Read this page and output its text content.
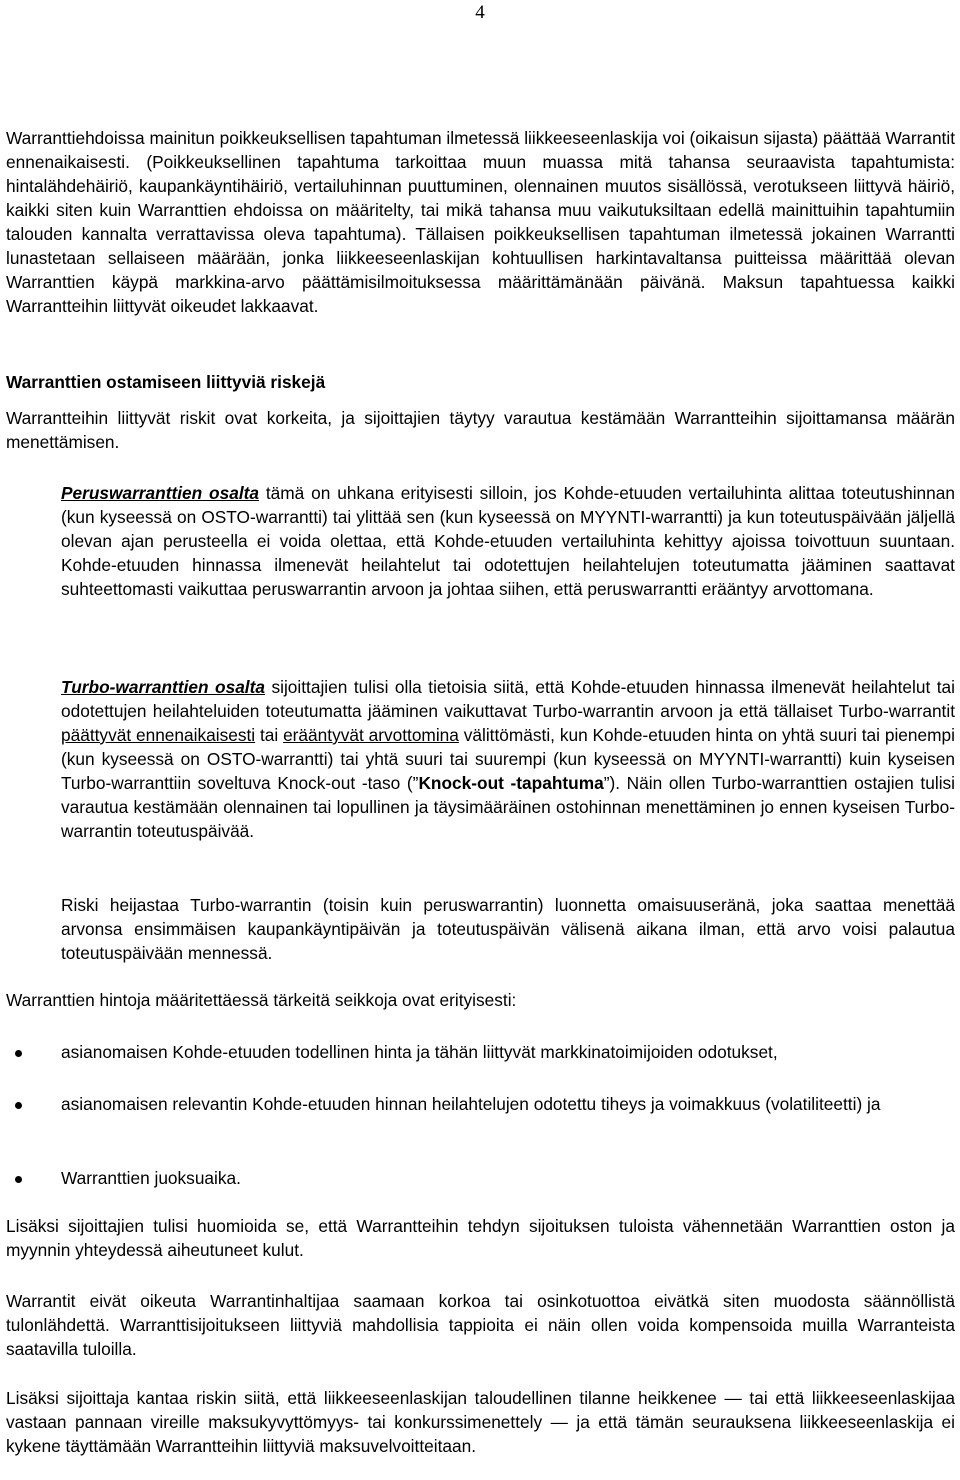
4

Warranttiehdoissa mainitun poikkeuksellisen tapahtuman ilmetessä liikkeeseenlaskija voi (oikaisun sijasta) päättää Warrantit ennenaikaisesti. (Poikkeuksellinen tapahtuma tarkoittaa muun muassa mitä tahansa seuraavista tapahtumista: hintalähdehäiriö, kaupankäyntihäiriö, vertailuhinnan puuttuminen, olennainen muutos sisällössä, verotukseen liittyvä häiriö, kaikki siten kuin Warranttien ehdoissa on määritelty, tai mikä tahansa muu vaikutuksiltaan edellä mainittuihin tapahtumiin talouden kannalta verrattavissa oleva tapahtuma). Tällaisen poikkeuksellisen tapahtuman ilmetessä jokainen Warrantti lunastetaan sellaiseen määrään, jonka liikkeeseenlaskijan kohtuullisen harkintavaltansa puitteissa määrittää olevan Warranttien käypä markkina-arvo päättämisilmoituksessa määrittämänään päivänä. Maksun tapahtuessa kaikki Warrantteihin liittyvät oikeudet lakkaavat.

Warranttien ostamiseen liittyviä riskejä

Warrantteihin liittyvät riskit ovat korkeita, ja sijoittajien täytyy varautua kestämään Warrantteihin sijoittamansa määrän menettämisen.

Peruswarranttien osalta tämä on uhkana erityisesti silloin, jos Kohde-etuuden vertailuhinta alittaa toteutushinnan (kun kyseessä on OSTO-warrantti) tai ylittää sen (kun kyseessä on MYYNTI-warrantti) ja kun toteutuspäivään jäljellä olevan ajan perusteella ei voida olettaa, että Kohde-etuuden vertailuhinta kehittyy ajoissa toivottuun suuntaan. Kohde-etuuden hinnassa ilmenevät heilahtelut tai odotettujen heilahtelujen toteutumatta jääminen saattavat suhteettomasti vaikuttaa peruswarrantin arvoon ja johtaa siihen, että peruswarrantti erääntyy arvottomana.

Turbo-warranttien osalta sijoittajien tulisi olla tietoisia siitä, että Kohde-etuuden hinnassa ilmenevät heilahtelut tai odotettujen heilahteluiden toteutumatta jääminen vaikuttavat Turbo-warrantin arvoon ja että tällaiset Turbo-warrantit päättyvät ennenaikaisesti tai erääntyvät arvottomina välittömästi, kun Kohde-etuuden hinta on yhtä suuri tai pienempi (kun kyseessä on OSTO-warrantti) tai yhtä suuri tai suurempi (kun kyseessä on MYYNTI-warrantti) kuin kyseisen Turbo-warranttiin soveltuva Knock-out -taso (”Knock-out -tapahtuma”). Näin ollen Turbo-warranttien ostajien tulisi varautua kestämään olennainen tai lopullinen ja täysimääräinen ostohinnan menettäminen jo ennen kyseisen Turbo-warrantin toteutuspäivää.

Riski heijastaa Turbo-warrantin (toisin kuin peruswarrantin) luonnetta omaisuuseränä, joka saattaa menettää arvonsa ensimmäisen kaupankäyntipäivän ja toteutuspäivän välisenä aikana ilman, että arvo voisi palautua toteutuspäivään mennessä.

Warranttien hintoja määritettäessä tärkeitä seikkoja ovat erityisesti:

asianomaisen Kohde-etuuden todellinen hinta ja tähän liittyvät markkinatoimijoiden odotukset,

asianomaisen relevantin Kohde-etuuden hinnan heilahtelujen odotettu tiheys ja voimakkuus (volatiliteetti) ja

Warranttien juoksuaika.

Lisäksi sijoittajien tulisi huomioida se, että Warrantteihin tehdyn sijoituksen tuloista vähennetään Warranttien oston ja myynnin yhteydessä aiheutuneet kulut.

Warrantit eivät oikeuta Warrantinhaltijaa saamaan korkoa tai osinkotuottoa eivätkä siten muodosta säännöllistä tulonlähdettä. Warranttisijoitukseen liittyviä mahdollisia tappioita ei näin ollen voida kompensoida muilla Warranteista saatavilla tuloilla.

Lisäksi sijoittaja kantaa riskin siitä, että liikkeeseenlaskijan taloudellinen tilanne heikkenee — tai että liikkeeseenlaskijaa vastaan pannaan vireille maksukyvyttömyys- tai konkurssimenettely — ja että tämän seurauksena liikkeeseenlaskija ei kykene täyttämään Warrantteihin liittyviä maksuvelvoitteitaan.
